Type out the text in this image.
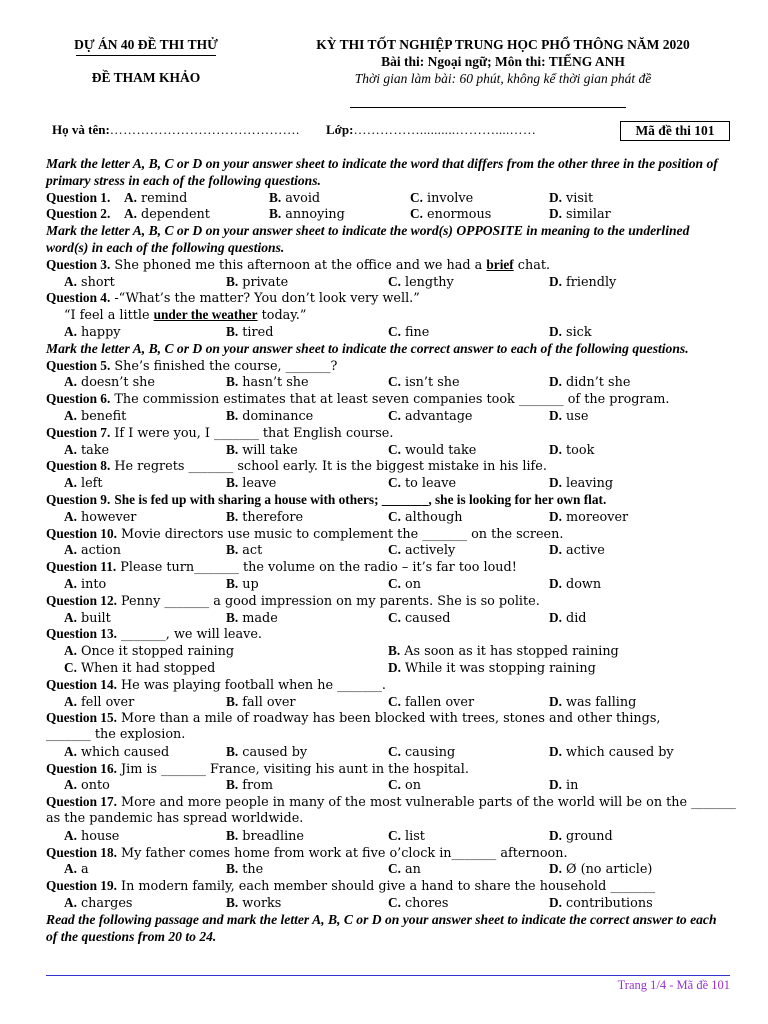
DỰ ÁN 40 ĐỀ THI THỬ
ĐỀ THAM KHẢO
KỲ THI TỐT NGHIỆP TRUNG HỌC PHỔ THÔNG NĂM 2020
Bài thi: Ngoại ngữ; Môn thi: TIẾNG ANH
Thời gian làm bài: 60 phút, không kể thời gian phát đề
Họ và tên:……………………………………. Lớp:……………..........………....……	Mã đề thi 101
Mark the letter A, B, C or D on your answer sheet to indicate the word that differs from the other three in the position of primary stress in each of the following questions.
Question 1. A. remind	B. avoid	C. involve	D. visit
Question 2. A. dependent	B. annoying	C. enormous	D. similar
Mark the letter A, B, C or D on your answer sheet to indicate the word(s) OPPOSITE in meaning to the underlined word(s) in each of the following questions.
Question 3. She phoned me this afternoon at the office and we had a brief chat.
A. short	B. private	C. lengthy	D. friendly
Question 4. -“What’s the matter? You don’t look very well.”
“I feel a little under the weather today.”
A. happy	B. tired	C. fine	D. sick
Mark the letter A, B, C or D on your answer sheet to indicate the correct answer to each of the following questions.
Question 5. She’s finished the course, _______?
A. doesn’t she	B. hasn’t she	C. isn’t she	D. didn’t she
Question 6. The commission estimates that at least seven companies took _______ of the program.
A. benefit	B. dominance	C. advantage	D. use
Question 7. If I were you, I _______ that English course.
A. take	B. will take	C. would take	D. took
Question 8. He regrets _______ school early. It is the biggest mistake in his life.
A. left	B. leave	C. to leave	D. leaving
Question 9. She is fed up with sharing a house with others; _______, she is looking for her own flat.
A. however	B. therefore	C. although	D. moreover
Question 10. Movie directors use music to complement the _______ on the screen.
A. action	B. act	C. actively	D. active
Question 11. Please turn_______ the volume on the radio – it’s far too loud!
A. into	B. up	C. on	D. down
Question 12. Penny _______ a good impression on my parents. She is so polite.
A. built	B. made	C. caused	D. did
Question 13. _______, we will leave.
A. Once it stopped raining	B. As soon as it has stopped raining
C. When it had stopped	D. While it was stopping raining
Question 14. He was playing football when he _______.
A. fell over	B. fall over	C. fallen over	D. was falling
Question 15. More than a mile of roadway has been blocked with trees, stones and other things,
_______ the explosion.
A. which caused	B. caused by	C. causing	D. which caused by
Question 16. Jim is _______ France, visiting his aunt in the hospital.
A. onto	B. from	C. on	D. in
Question 17. More and more people in many of the most vulnerable parts of the world will be on the _______
as the pandemic has spread worldwide.
A. house	B. breadline	C. list	D. ground
Question 18. My father comes home from work at five o’clock in_______ afternoon.
A. a	B. the	C. an	D. Ø (no article)
Question 19. In modern family, each member should give a hand to share the household _______
A. charges	B. works	C. chores	D. contributions
Read the following passage and mark the letter A, B, C or D on your answer sheet to indicate the correct answer to each of the questions from 20 to 24.
Trang 1/4 - Mã đề 101
